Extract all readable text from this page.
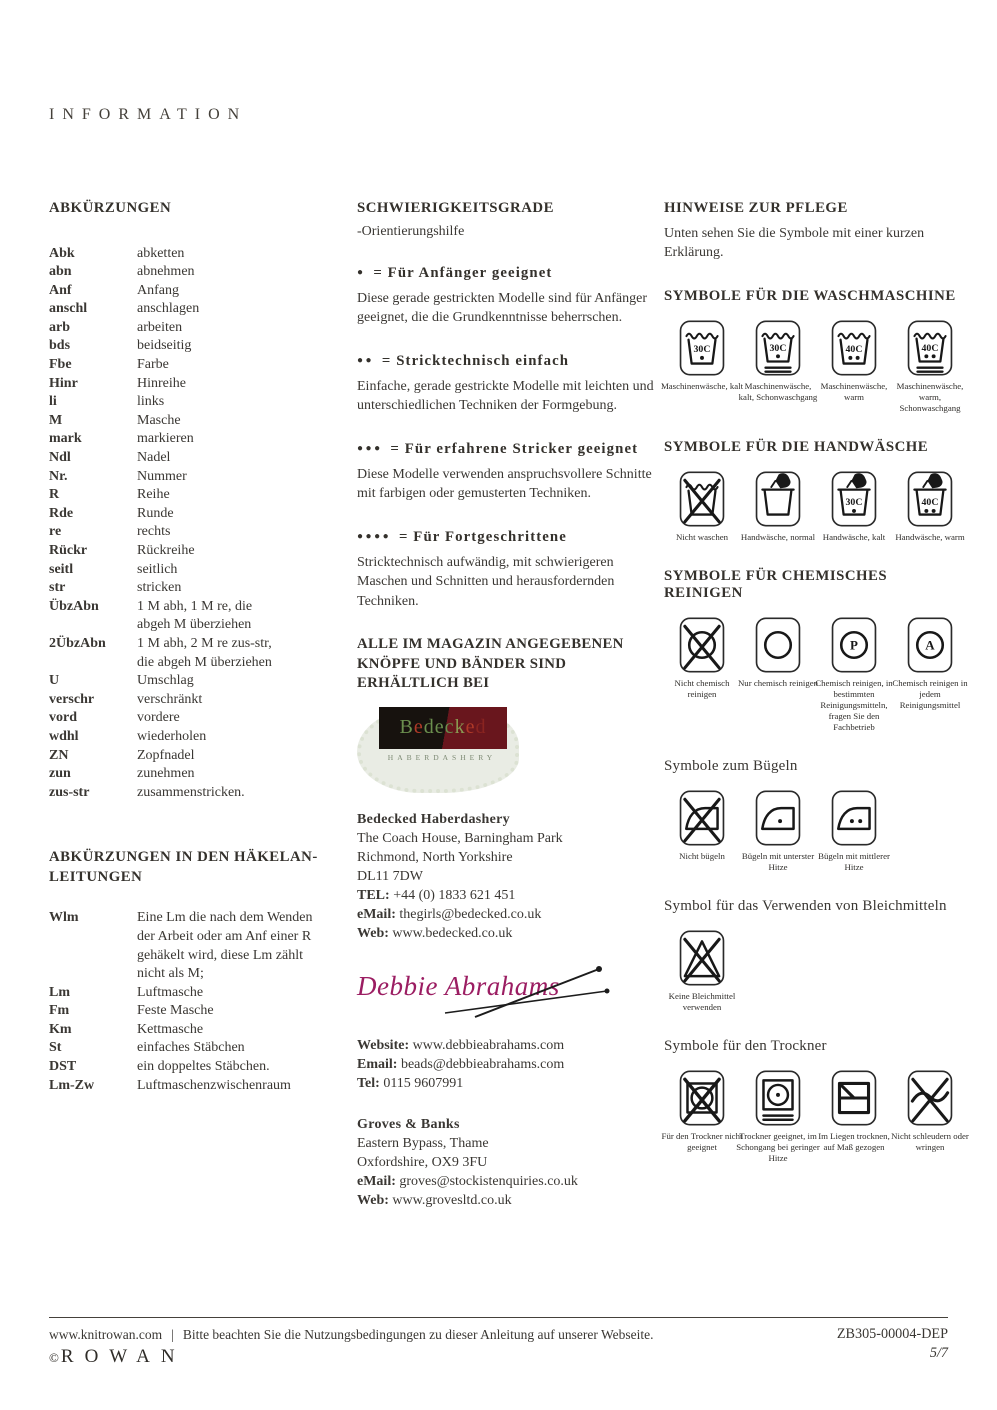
INFORMATION
ABKÜRZUNGEN
Abk	abketten
abn	abnehmen
Anf	Anfang
anschl	anschlagen
arb	arbeiten
bds	beidseitig
Fbe	Farbe
Hinr	Hinreihe
li	links
M	Masche
mark	markieren
Ndl	Nadel
Nr.	Nummer
R	Reihe
Rde	Runde
re	rechts
Rückr	Rückreihe
seitl	seitlich
str	stricken
ÜbzAbn	1 M abh, 1 M re, die
abgeh M überziehen
2ÜbzAbn	1 M abh, 2 M re zus-str,
die abgeh M überziehen
U	Umschlag
verschr	verschränkt
vord	vordere
wdhl	wiederholen
ZN	Zopfnadel
zun	zunehmen
zus-str	zusammenstricken.
ABKÜRZUNGEN IN DEN HÄKELAN-
LEITUNGEN
Wlm	Eine Lm die nach dem Wenden
der Arbeit oder am Anf einer R
gehäkelt wird, diese Lm zählt
nicht als M;
Lm	Luftmasche
Fm	Feste Masche
Km	Kettmasche
St	einfaches Stäbchen
DST	ein doppeltes Stäbchen.
Lm-Zw	Luftmaschenzwischenraum
SCHWIERIGKEITSGRADE
-Orientierungshilfe
● = Für Anfänger geeignet
Diese gerade gestrickten Modelle sind für Anfänger geeignet, die die Grundkenntnisse beherrschen.
●● = Stricktechnisch einfach
Einfache, gerade gestrickte Modelle mit leichten und unterschiedlichen Techniken der Formgebung.
●●● = Für erfahrene Stricker geeignet
Diese Modelle verwenden anspruchsvollere Schnitte mit farbigen oder gemusterten Techniken.
●●●● = Für Fortgeschrittene
Stricktechnisch aufwändig, mit schwierigeren Maschen und Schnitten und herausfordernden Techniken.
ALLE IM MAGAZIN ANGEGEBENEN
KNÖPFE UND BÄNDER SIND
ERHÄLTLICH BEI
Bedecked
HABERDASHERY
Bedecked Haberdashery
The Coach House, Barningham Park
Richmond, North Yorkshire
DL11 7DW
TEL: +44 (0) 1833 621 451
eMail: thegirls@bedecked.co.uk
Web: www.bedecked.co.uk
Debbie Abrahams
Website: www.debbieabrahams.com
Email: beads@debbieabrahams.com
Tel: 0115 9607991
Groves & Banks
Eastern Bypass, Thame
Oxfordshire, OX9 3FU
eMail: groves@stockistenquiries.co.uk
Web: www.grovesltd.co.uk
HINWEISE ZUR PFLEGE
Unten sehen Sie die Symbole mit einer kurzen Erklärung.
SYMBOLE FÜR DIE WASCHMASCHINE
30C
Maschinenwäsche, kalt
30C
Maschinenwäsche, kalt, Schonwaschgang
40C
Maschinenwäsche, warm
40C
Maschinenwäsche, warm, Schonwaschgang
SYMBOLE FÜR DIE HANDWÄSCHE
Nicht waschen	Handwäsche, normal
30C
Handwäsche, kalt
40C
Handwäsche, warm
SYMBOLE FÜR CHEMISCHES REINIGEN
Nicht chemisch reinigen
Nur chemisch reinigen
P
Chemisch reinigen, in bestimmten Reinigungsmitteln, fragen Sie den Fachbetrieb
A
Chemisch reinigen in jedem Reinigungsmittel
Symbole zum Bügeln
Nicht bügeln	Bügeln mit unterster Hitze
Bügeln mit mittlerer Hitze
Symbol für das Verwenden von Bleichmitteln
Keine Bleichmittel verwenden
Symbole für den Trockner
Für den Trockner nicht geeignet
Trockner geeignet, im Schongang bei geringer Hitze
Im Liegen trocknen, auf Maß gezogen
Nicht schleudern oder wringen
www.knitrowan.com | Bitte beachten Sie die Nutzungsbedingungen zu dieser Anleitung auf unserer Webseite.
©ROWAN
ZB305-00004-DEP
5/7
